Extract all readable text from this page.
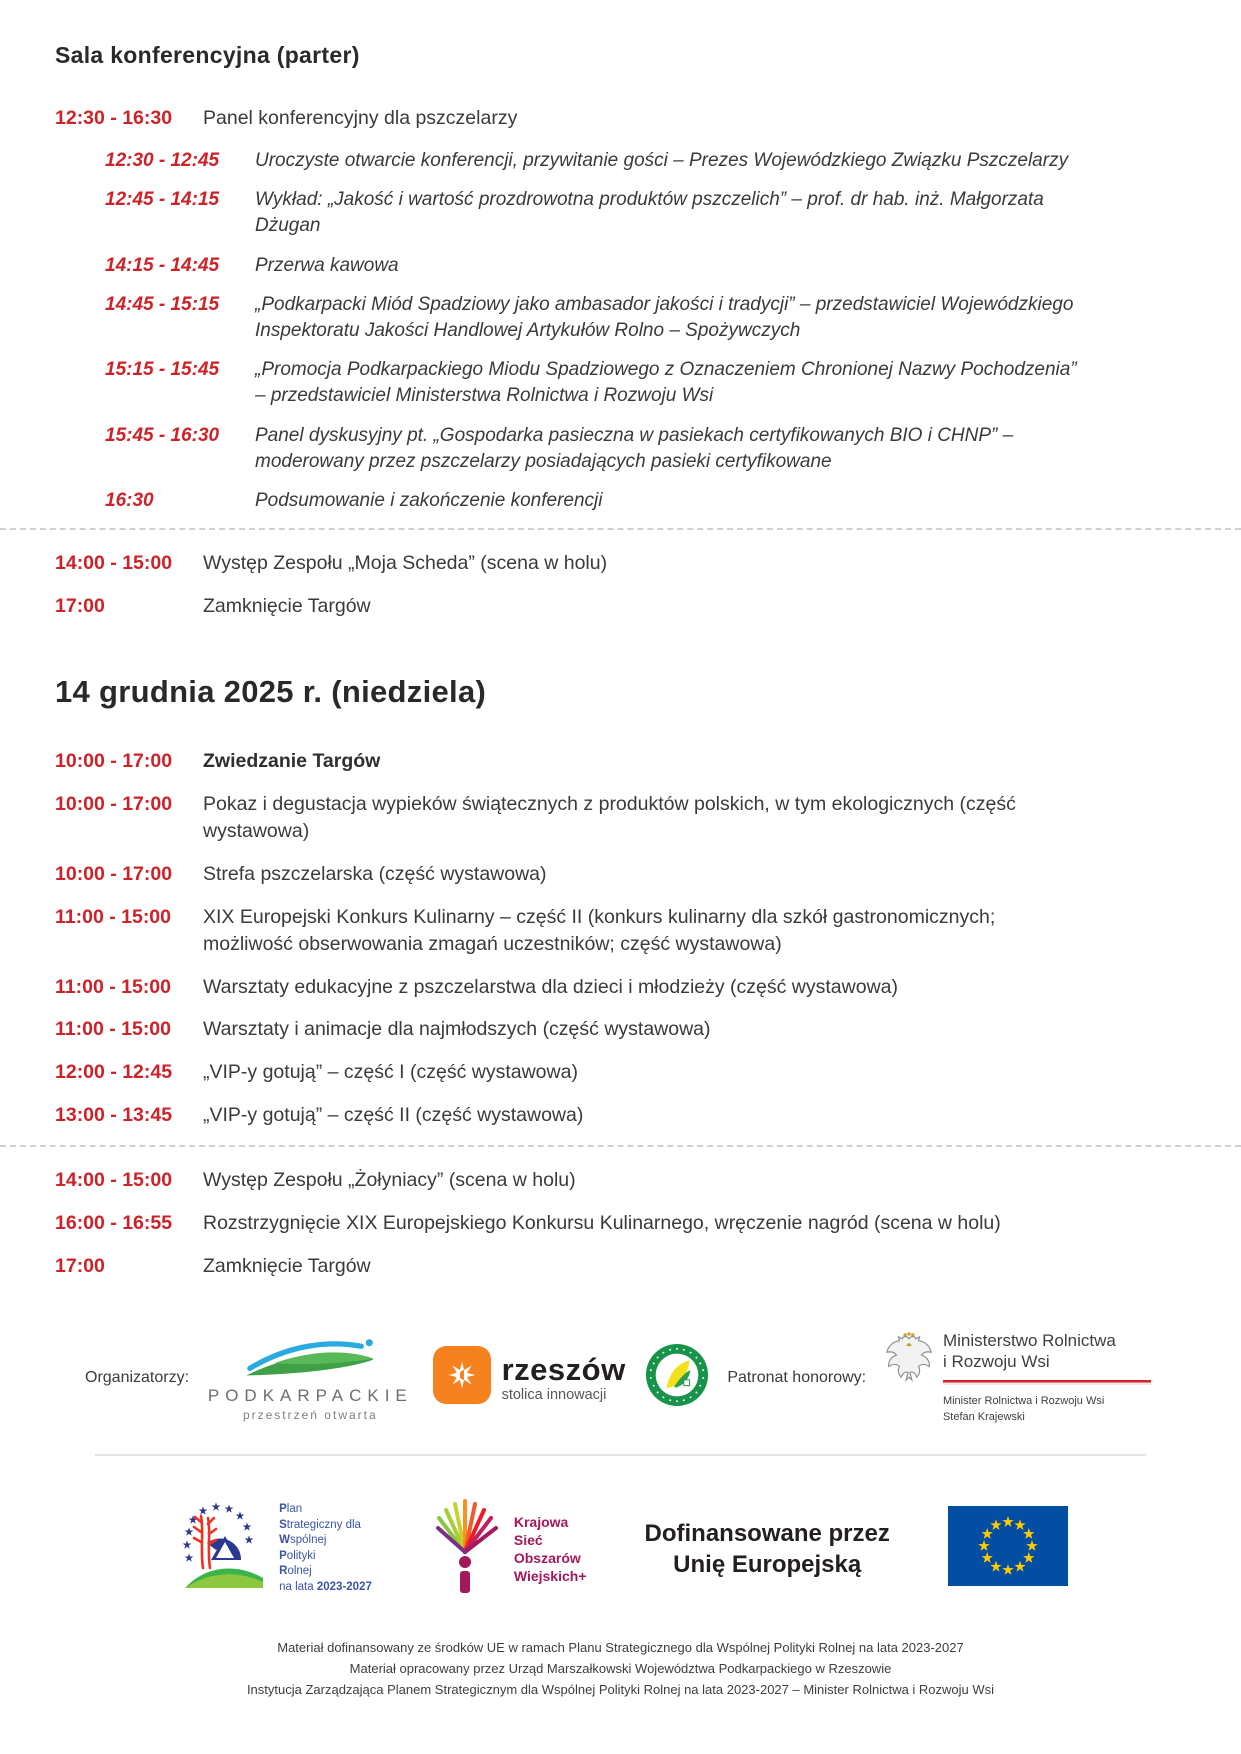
Sala konferencyjna (parter)
12:30 - 16:30	Panel konferencyjny dla pszczelarzy
12:30 - 12:45	Uroczyste otwarcie konferencji, przywitanie gości – Prezes Wojewódzkiego Związku Pszczelarzy
12:45 - 14:15	Wykład: „Jakość i wartość prozdrowotna produktów pszczelich” – prof. dr hab. inż. Małgorzata Dżugan
14:15 - 14:45	Przerwa kawowa
14:45 - 15:15	„Podkarpacki Miód Spadziowy jako ambasador jakości i tradycji” – przedstawiciel Wojewódzkiego Inspektoratu Jakości Handlowej Artykułów Rolno – Spożywczych
15:15 - 15:45	„Promocja Podkarpackiego Miodu Spadziowego z Oznaczeniem Chronionej Nazwy Pochodzenia” – przedstawiciel Ministerstwa Rolnictwa i Rozwoju Wsi
15:45 - 16:30	Panel dyskusyjny pt. „Gospodarka pasieczna w pasiekach certyfikowanych BIO i CHNP” – moderowany przez pszczelarzy posiadających pasieki certyfikowane
16:30	Podsumowanie i zakończenie konferencji
14:00 - 15:00	Występ Zespołu „Moja Scheda” (scena w holu)
17:00	Zamknięcie Targów
14 grudnia 2025 r. (niedziela)
10:00 - 17:00	Zwiedzanie Targów
10:00 - 17:00	Pokaz i degustacja wypieków świątecznych z produktów polskich, w tym ekologicznych (część wystawowa)
10:00 - 17:00	Strefa pszczelarska (część wystawowa)
11:00 - 15:00	XIX Europejski Konkurs Kulinarny – część II (konkurs kulinarny dla szkół gastronomicznych; możliwość obserwowania zmagań uczestników; część wystawowa)
11:00 - 15:00	Warsztaty edukacyjne z pszczelarstwa dla dzieci i młodzieży (część wystawowa)
11:00 - 15:00	Warsztaty i animacje dla najmłodszych (część wystawowa)
12:00 - 12:45	„VIP-y gotują” – część I (część wystawowa)
13:00 - 13:45	„VIP-y gotują” – część II (część wystawowa)
14:00 - 15:00	Występ Zespołu „Żołyniacy” (scena w holu)
16:00 - 16:55	Rozstrzygnięcie XIX Europejskiego Konkursu Kulinarnego, wręczenie nagród (scena w holu)
17:00	Zamknięcie Targów
Organizatorzy:
PODKARPACKIE
przestrzeń otwarta
rzeszów
stolica innowacji
Patronat honorowy:
Ministerstwo Rolnictwa
i Rozwoju Wsi
Minister Rolnictwa i Rozwoju Wsi
Stefan Krajewski
Plan
Strategiczny dla
Wspólnej
Polityki
Rolnej
na lata 2023-2027
Krajowa
Sieć
Obszarów
Wiejskich+
Dofinansowane przez
Unię Europejską
Materiał dofinansowany ze środków UE w ramach Planu Strategicznego dla Wspólnej Polityki Rolnej na lata 2023-2027
Materiał opracowany przez Urząd Marszałkowski Województwa Podkarpackiego w Rzeszowie
Instytucja Zarządzająca Planem Strategicznym dla Wspólnej Polityki Rolnej na lata 2023-2027 – Minister Rolnictwa i Rozwoju Wsi
